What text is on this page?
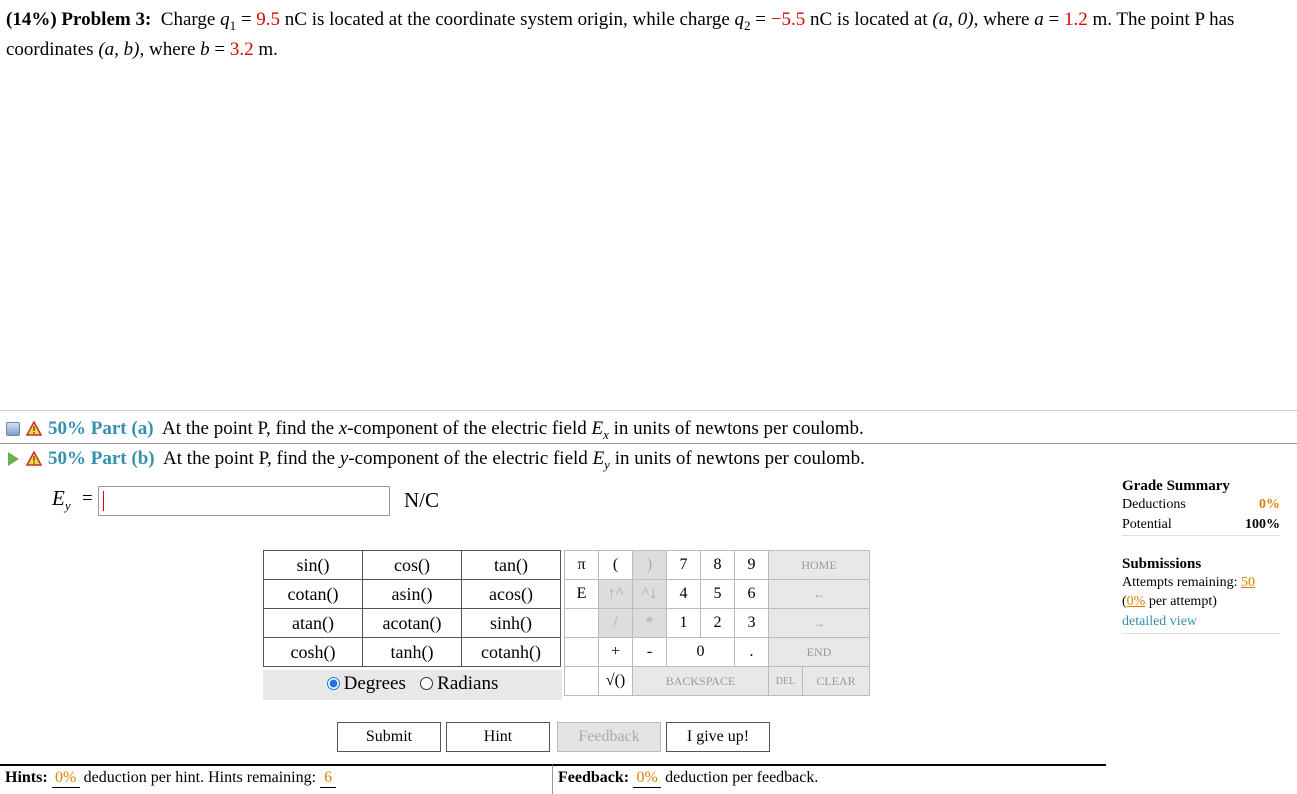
(14%) Problem 3: Charge $q_1 = 9.5$ nC is located at the coordinate system origin, while charge $q_2 = -5.5$ nC is located at (a, 0), where a = 1.2 m. The point P has coordinates (a, b), where b = 3.2 m.
50% Part (a) At the point P, find the x-component of the electric field $E_x$ in units of newtons per coulomb.
50% Part (b) At the point P, find the y-component of the electric field $E_y$ in units of newtons per coulomb.
$E_y$ =	N/C
sin()	cos()	tan()
cotan()	asin()	acos()
atan()	acotan()	sinh()
cosh()	tanh()	cotanh()
Degrees Radians
π	(	)	7	8	9	HOME	
E	↑^	^↓	4	5	6	←	
	/	*	1	2	3	→	
	+	-	0		.	END	
	√()	BACKSPACE				DEL	CLEAR
Submit	Hint	Feedback	I give up!
Grade Summary
Deductions	0%
Potential	100%
Submissions
Attempts remaining: 50
(0% per attempt)
detailed view
Hints: 0% deduction per hint. Hints remaining: 6	Feedback: 0% deduction per feedback.
